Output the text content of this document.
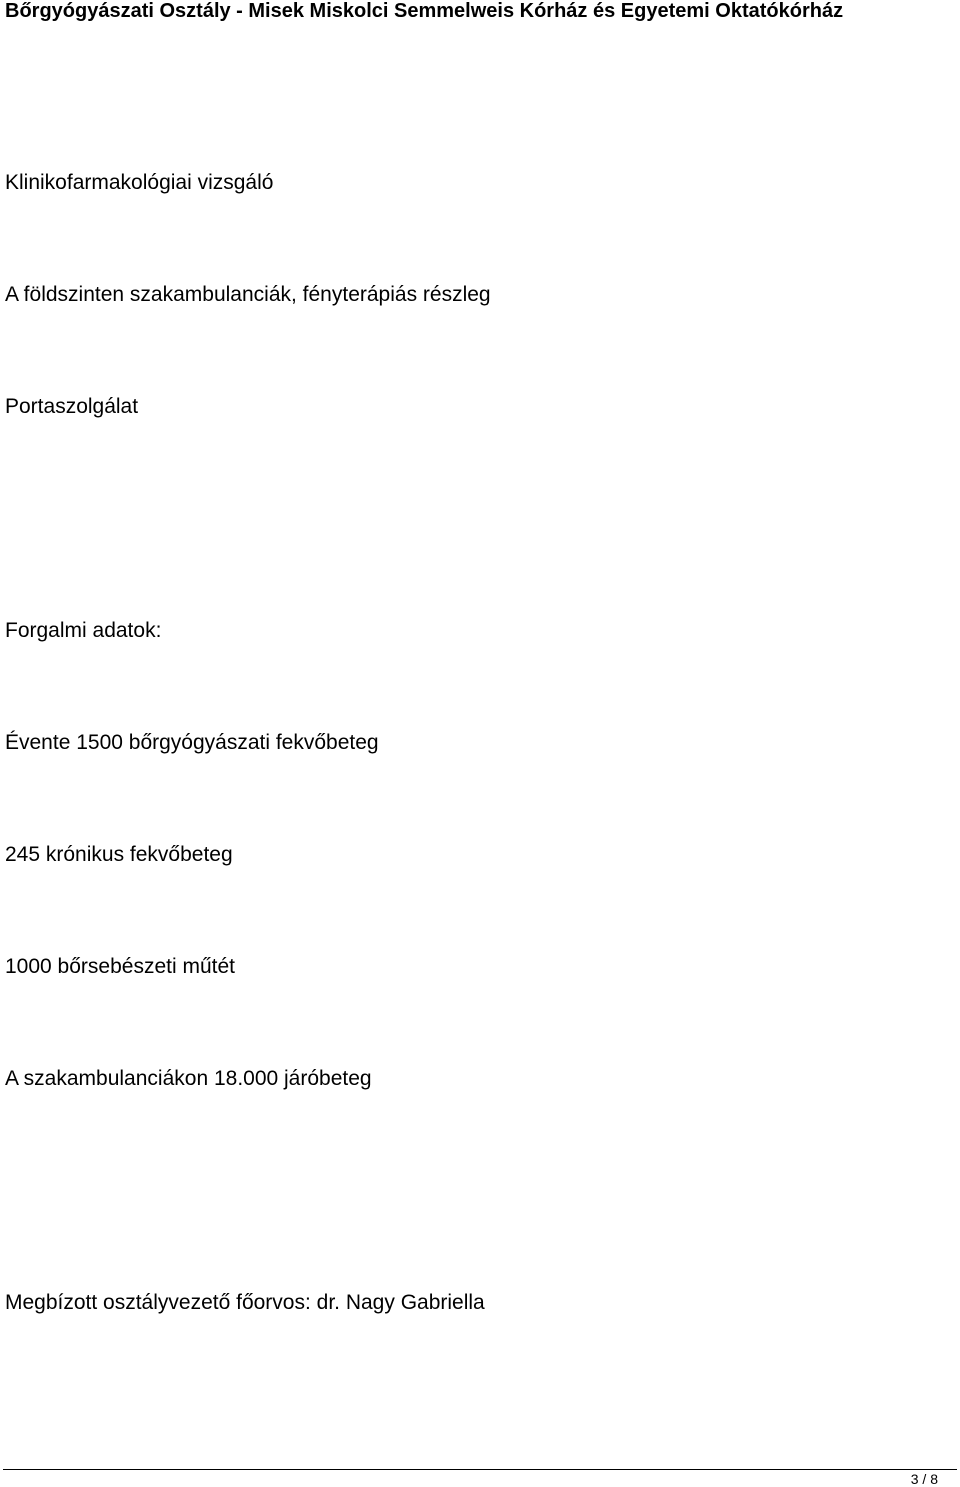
Bőrgyógyászati Osztály - Misek Miskolci Semmelweis Kórház és Egyetemi Oktatókórház
Klinikofarmakológiai vizsgáló
A földszinten szakambulanciák, fényterápiás részleg
Portaszolgálat
Forgalmi adatok:
Évente 1500 bőrgyógyászati fekvőbeteg
245 krónikus fekvőbeteg
1000 bőrsebészeti műtét
A szakambulanciákon 18.000 járóbeteg
Megbízott osztályvezető főorvos: dr. Nagy Gabriella
3 / 8
